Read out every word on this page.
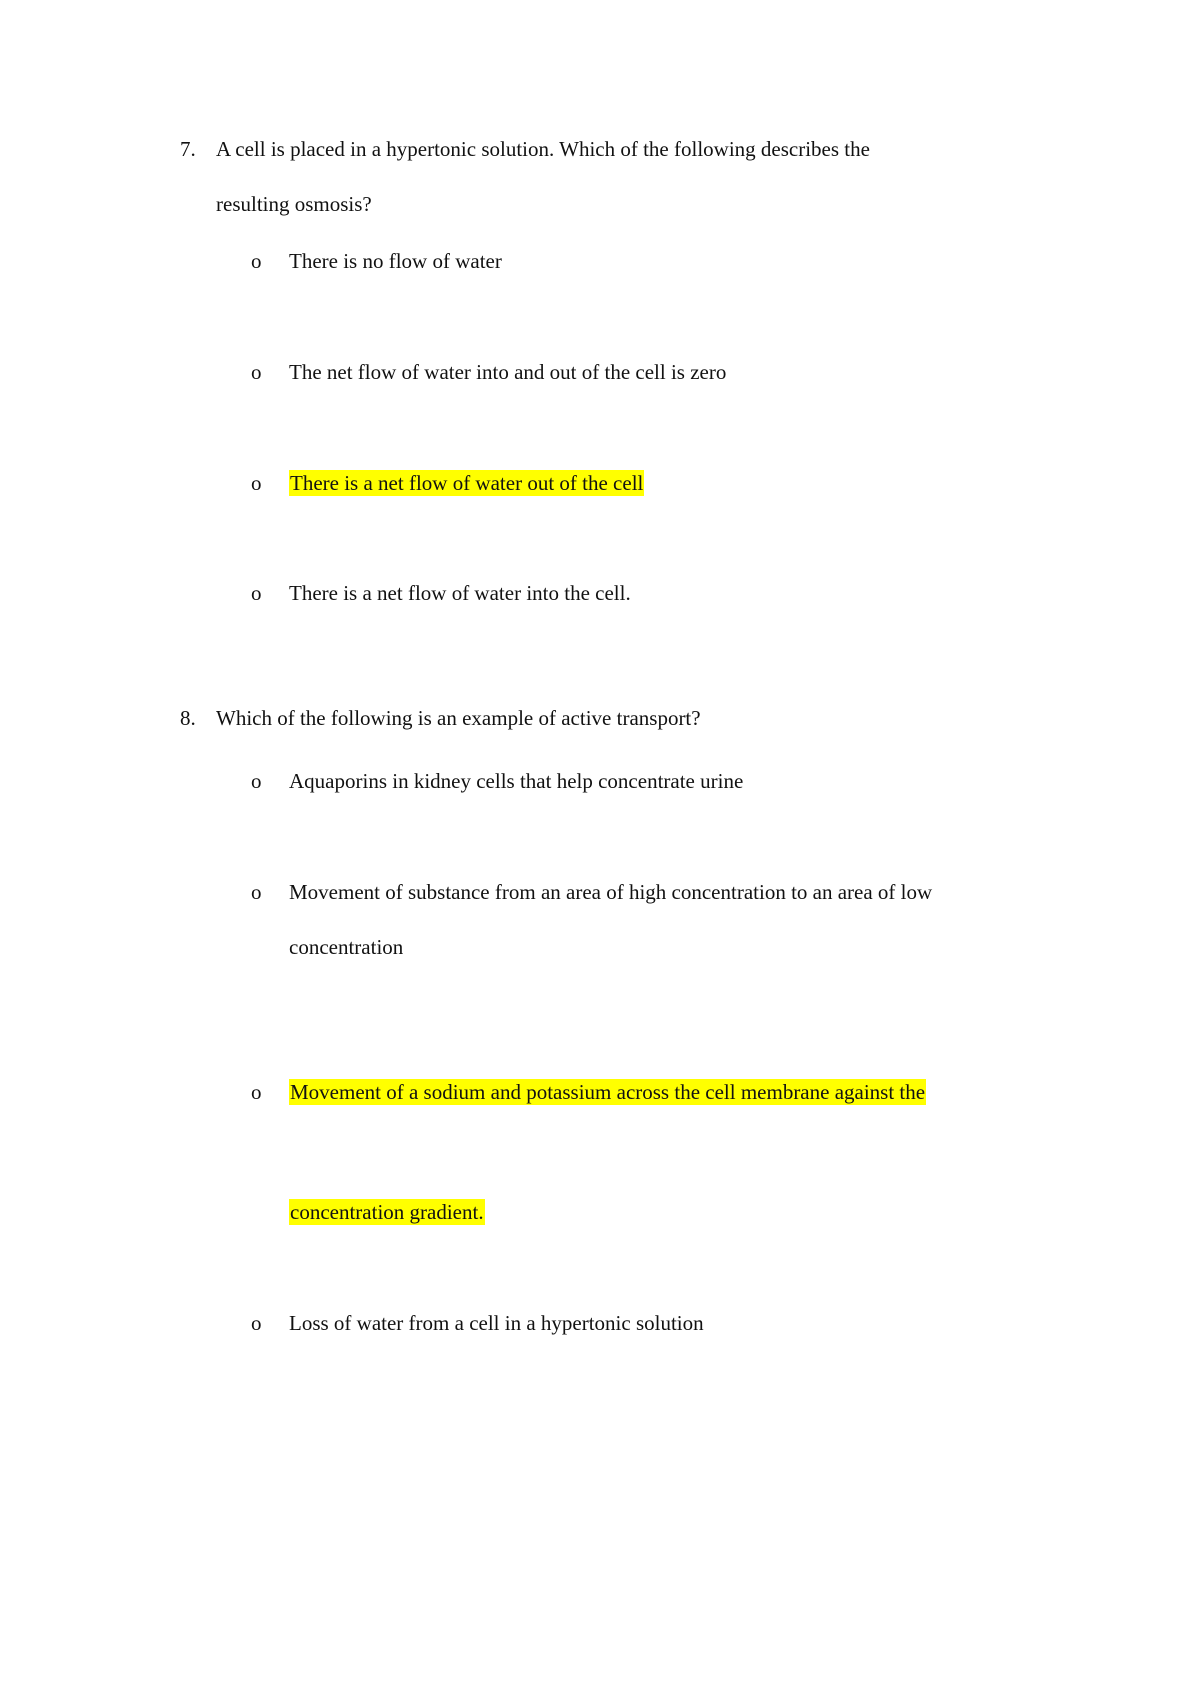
7. A cell is placed in a hypertonic solution. Which of the following describes the
resulting osmosis?
o There is no flow of water
o The net flow of water into and out of the cell is zero
o There is a net flow of water out of the cell
o There is a net flow of water into the cell.
8. Which of the following is an example of active transport?
o Aquaporins in kidney cells that help concentrate urine
o Movement of substance from an area of high concentration to an area of low
concentration
o Movement of a sodium and potassium across the cell membrane against the
concentration gradient.
o Loss of water from a cell in a hypertonic solution
